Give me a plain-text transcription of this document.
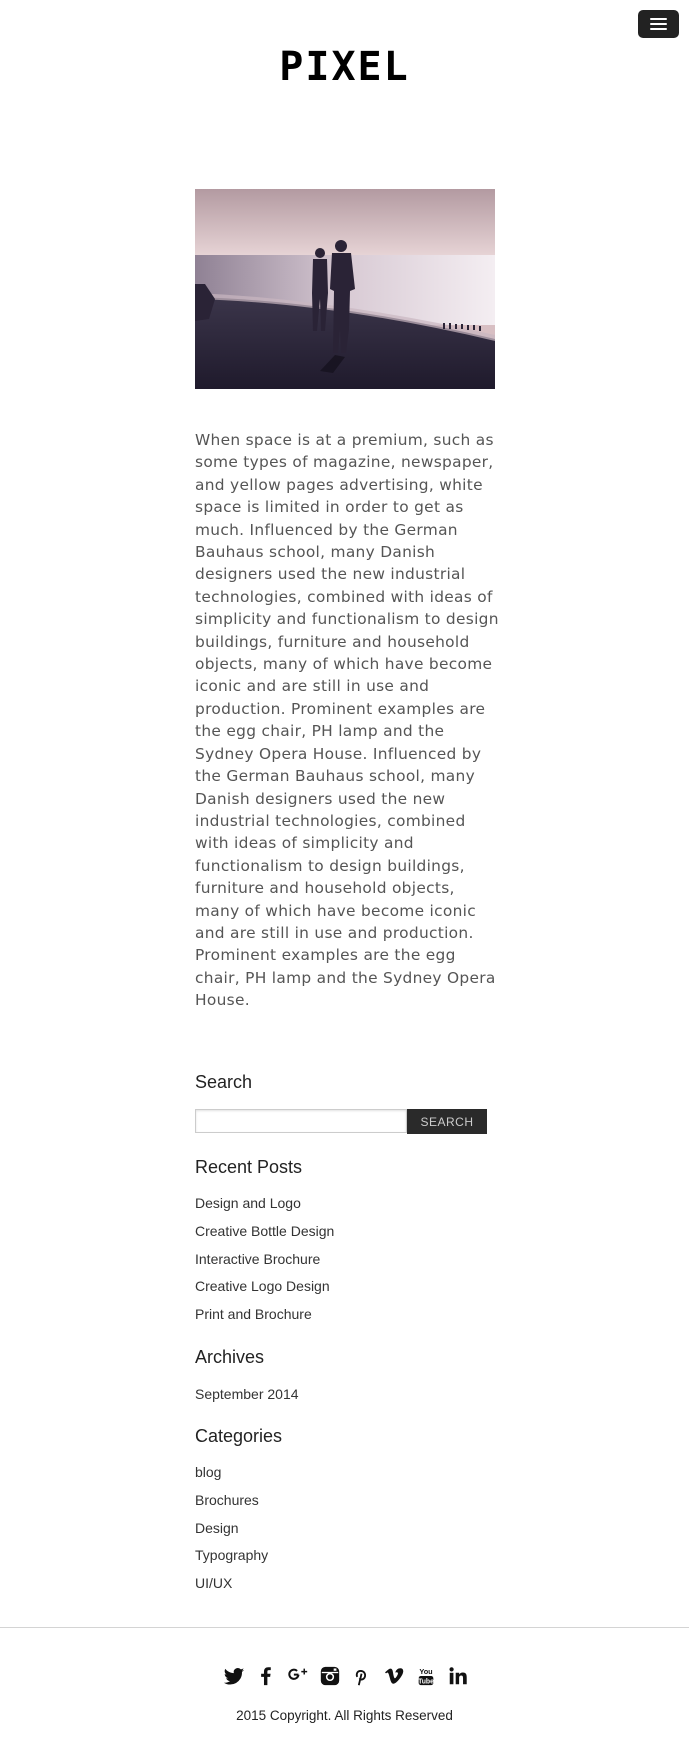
PIXEL

When space is at a premium, such as some types of magazine, newspaper, and yellow pages advertising, white space is limited in order to get as much. Influenced by the German Bauhaus school, many Danish designers used the new industrial technologies, combined with ideas of simplicity and functionalism to design buildings, furniture and household objects, many of which have become iconic and are still in use and production. Prominent examples are the egg chair, PH lamp and the Sydney Opera House. Influenced by the German Bauhaus school, many Danish designers used the new industrial technologies, combined with ideas of simplicity and functionalism to design buildings, furniture and household objects, many of which have become iconic and are still in use and production. Prominent examples are the egg chair, PH lamp and the Sydney Opera House.

Search
SEARCH
Recent Posts
Design and Logo
Creative Bottle Design
Interactive Brochure
Creative Logo Design
Print and Brochure
Archives
September 2014
Categories
blog
Brochures
Design
Typography
UI/UX
You
Tube
2015 Copyright. All Rights Reserved
